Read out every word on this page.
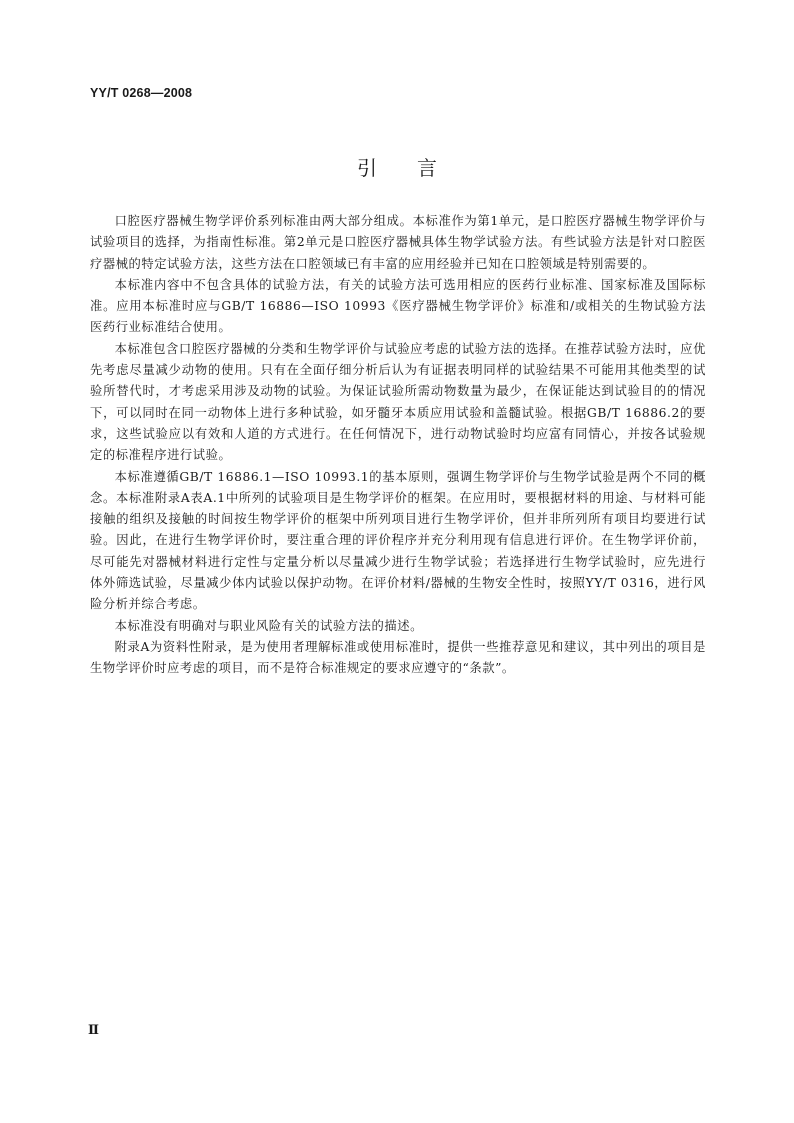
YY/T 0268—2008
引言

口腔医疗器械生物学评价系列标准由两大部分组成。本标准作为第1单元，是口腔医疗器械生物学评价与试验项目的选择，为指南性标准。第2单元是口腔医疗器械具体生物学试验方法。有些试验方法是针对口腔医疗器械的特定试验方法，这些方法在口腔领域已有丰富的应用经验并已知在口腔领域是特别需要的。

本标准内容中不包含具体的试验方法，有关的试验方法可选用相应的医药行业标准、国家标准及国际标准。应用本标准时应与GB/T 16886—ISO 10993《医疗器械生物学评价》标准和/或相关的生物试验方法医药行业标准结合使用。

本标准包含口腔医疗器械的分类和生物学评价与试验应考虑的试验方法的选择。在推荐试验方法时，应优先考虑尽量减少动物的使用。只有在全面仔细分析后认为有证据表明同样的试验结果不可能用其他类型的试验所替代时，才考虑采用涉及动物的试验。为保证试验所需动物数量为最少，在保证能达到试验目的的情况下，可以同时在同一动物体上进行多种试验，如牙髓牙本质应用试验和盖髓试验。根据GB/T 16886.2的要求，这些试验应以有效和人道的方式进行。在任何情况下，进行动物试验时均应富有同情心，并按各试验规定的标准程序进行试验。

本标准遵循GB/T 16886.1—ISO 10993.1的基本原则，强调生物学评价与生物学试验是两个不同的概念。本标准附录A表A.1中所列的试验项目是生物学评价的框架。在应用时，要根据材料的用途、与材料可能接触的组织及接触的时间按生物学评价的框架中所列项目进行生物学评价，但并非所列所有项目均要进行试验。因此，在进行生物学评价时，要注重合理的评价程序并充分利用现有信息进行评价。在生物学评价前，尽可能先对器械材料进行定性与定量分析以尽量减少进行生物学试验；若选择进行生物学试验时，应先进行体外筛选试验，尽量减少体内试验以保护动物。在评价材料/器械的生物安全性时，按照YY/T 0316，进行风险分析并综合考虑。

本标准没有明确对与职业风险有关的试验方法的描述。

附录A为资料性附录，是为使用者理解标准或使用标准时，提供一些推荐意见和建议，其中列出的项目是生物学评价时应考虑的项目，而不是符合标准规定的要求应遵守的“条款”。

Ⅱ
